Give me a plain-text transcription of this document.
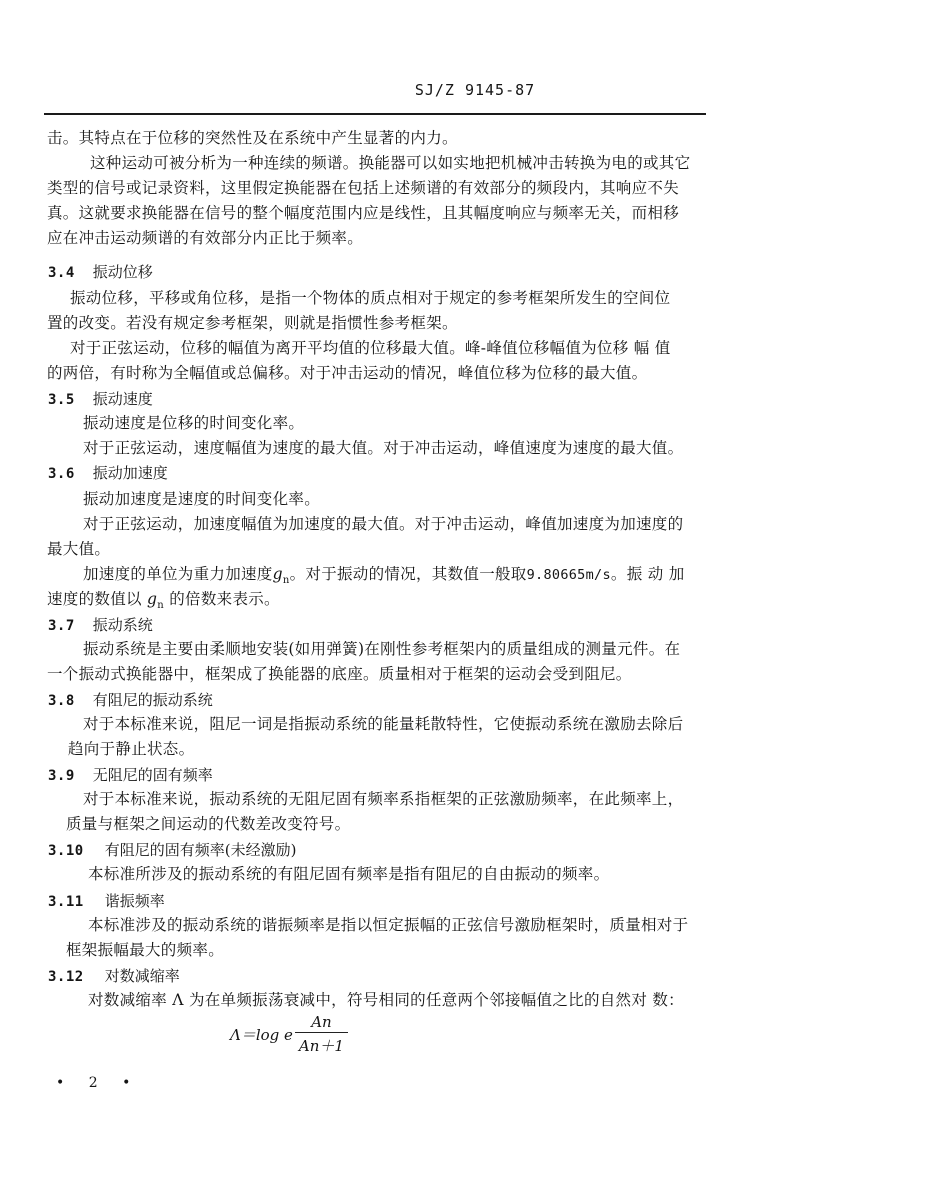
SJ/Z 9145-87
击。其特点在于位移的突然性及在系统中产生显著的内力。
这种运动可被分析为一种连续的频谱。换能器可以如实地把机械冲击转换为电的或其它
类型的信号或记录资料，这里假定换能器在包括上述频谱的有效部分的频段内，其响应不失
真。这就要求换能器在信号的整个幅度范围内应是线性，且其幅度响应与频率无关，而相移
应在冲击运动频谱的有效部分内正比于频率。
3.4 振动位移
振动位移，平移或角位移，是指一个物体的质点相对于规定的参考框架所发生的空间位
置的改变。若没有规定参考框架，则就是指惯性参考框架。
对于正弦运动，位移的幅值为离开平均值的位移最大值。峰-峰值位移幅值为位移 幅 值
的两倍，有时称为全幅值或总偏移。对于冲击运动的情况，峰值位移为位移的最大值。
3.5 振动速度
振动速度是位移的时间变化率。
对于正弦运动，速度幅值为速度的最大值。对于冲击运动，峰值速度为速度的最大值。
3.6 振动加速度
振动加速度是速度的时间变化率。
对于正弦运动，加速度幅值为加速度的最大值。对于冲击运动，峰值加速度为加速度的
最大值。
加速度的单位为重力加速度$g_n$。对于振动的情况，其数值一般取9.80665m/s。振 动 加
速度的数值以 $g_n$ 的倍数来表示。
3.7 振动系统
振动系统是主要由柔顺地安装(如用弹簧)在刚性参考框架内的质量组成的测量元件。在
一个振动式换能器中，框架成了换能器的底座。质量相对于框架的运动会受到阻尼。
3.8 有阻尼的振动系统
对于本标准来说，阻尼一词是指振动系统的能量耗散特性，它使振动系统在激励去除后
趋向于静止状态。
3.9 无阻尼的固有频率
对于本标准来说，振动系统的无阻尼固有频率系指框架的正弦激励频率，在此频率上，
质量与框架之间运动的代数差改变符号。
3.10 有阻尼的固有频率(未经激励)
本标准所涉及的振动系统的有阻尼固有频率是指有阻尼的自由振动的频率。
3.11 谐振频率
本标准涉及的振动系统的谐振频率是指以恒定振幅的正弦信号激励框架时，质量相对于
框架振幅最大的频率。
3.12 对数减缩率
对数减缩率 Λ 为在单频振荡衰减中，符号相同的任意两个邻接幅值之比的自然对 数：
Λ＝log e $\frac{An}{An+1}$
• 2 •
